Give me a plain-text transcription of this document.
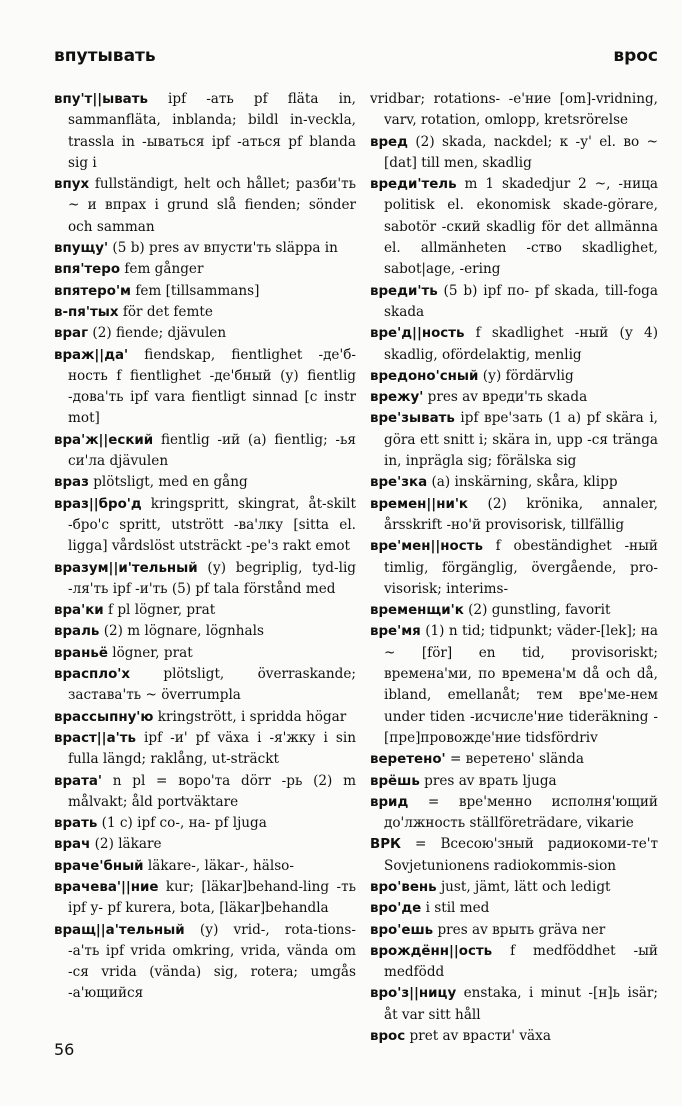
впутывать	врос

впу'т||ывать ipf -ать pf fläta in, sammanfläta, inblanda; bildl in-veckla, trassla in -ываться ipf -аться pf blanda sig i

впух fullständigt, helt och hållet; разби'ть ~ и впрах i grund slå fienden; sönder och samman

впущу' (5 b) pres av впусти'ть släppa in

впя'теро fem gånger

впятеро'м fem [tillsammans]

в-пя'тых för det femte

враг (2) fiende; djävulen

враж||да' fiendskap, fientlighet -де'б-ность f fientlighet -де'бный (у) fientlig -дова'ть ipf vara fientligt sinnad [с instr mot]

вра'ж||еский fientlig -ий (а) fientlig; -ья си'ла djävulen

враз plötsligt, med en gång

враз||бро'д kringspritt, skingrat, åt-skilt -бро'с spritt, utstrött -ва'лку [sitta el. ligga] vårdslöst utsträckt -ре'з rakt emot

вразум||и'тельный (у) begriplig, tyd-lig -ля'ть ipf -и'ть (5) pf tala förstånd med

вра'ки f pl lögner, prat

враль (2) m lögnare, lögnhals

враньё lögner, prat

врасплo'х plötsligt, överraskande; застава'ть ~ överrumpla

врассыпну'ю kringstrött, i spridda högar

враст||а'ть ipf -и' pf växa i -я'жку i sin fulla längd; raklång, ut-sträckt

врата' n pl = воро'та dörr -рь (2) m målvakt; åld portväktare

врать (1 c) ipf со-, на- pf ljuga

врач (2) läkare

враче'бный läkare-, läkar-, hälso-

врачева'||ние kur; [läkar]behand-ling -ть ipf у- pf kurera, bota, [läkar]behandla

вращ||а'тельный (у) vrid-, rota-tions- -а'ть ipf vrida omkring, vrida, vända om -ся vrida (vända) sig, rotera; umgås -а'ющийся

vridbar; rotations- -е'ние [om]-vridning, varv, rotation, omlopp, kretsrörelse

вред (2) skada, nackdel; к -у' el. во ~ [dat] till men, skadlig

вреди'тель m 1 skadedjur 2 ~, -ница politisk el. ekonomisk skade-görare, sabotör -ский skadlig för det allmänna el. allmänheten -ство skadlighet, sabot|age, -ering

вреди'ть (5 b) ipf по- pf skada, till-foga skada

вре'д||ность f skadlighet -ный (у 4) skadlig, ofördelaktig, menlig

вредоно'сный (у) fördärvlig

врежу' pres av вреди'ть skada

вре'зывать ipf вре'зать (1 a) pf skära i, göra ett snitt i; skära in, upp -ся tränga in, inprägla sig; förälska sig

вре'зка (a) inskärning, skåra, klipp

времен||ни'к (2) krönika, annaler, årsskrift -но'й provisorisk, tillfällig

вре'мен||ность f obeständighet -ный timlig, förgänglig, övergående, pro-visorisk; interims-

временщи'к (2) gunstling, favorit

вре'мя (1) n tid; tidpunkt; väder-[lek]; на ~ [för] en tid, provisoriskt; времена'ми, по времена'м då och då, ibland, emellanåt; тем вре'ме-нем under tiden -исчисле'ние tideräkning -[пре]провожде'ние tidsfördriv

веретено' = веретено' slända

врёшь pres av врать ljuga

врид = вре'менно исполня'ющий до'лжность ställföreträdare, vikarie

ВРК = Всесою'зный радиокоми-те'т Sovjetunionens radiokommis-sion

вро'вень just, jämt, lätt och ledigt

вро'де i stil med

вро'ешь pres av врыть gräva ner

врождённ||ость f medföddhet -ый medfödd

вро'з||ницу enstaka, i minut -[н]ь isär; åt var sitt håll

врос pret av врасти' växa

56
